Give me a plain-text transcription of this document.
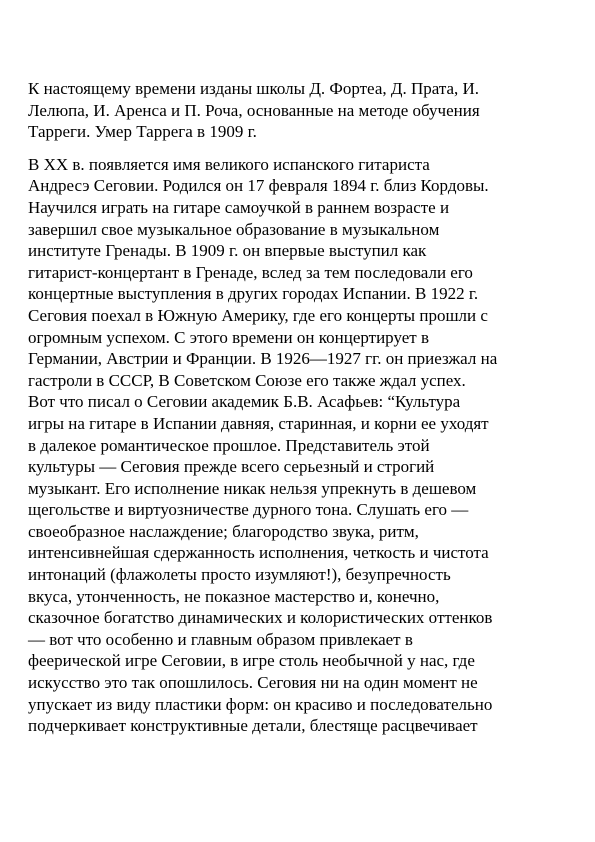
К настоящему времени изданы школы Д. Фортеа, Д. Прата, И.
Лелюпа, И. Аренса и П. Роча, основанные на методе обучения
Тарреги. Умер Таррега в 1909 г.
В XX в. появляется имя великого испанского гитариста
Андресэ Сеговии. Родился он 17 февраля 1894 г. близ Кордовы.
Научился играть на гитаре самоучкой в раннем возрасте и
завершил свое музыкальное образование в музыкальном
институте Гренады. В 1909 г. он впервые выступил как
гитарист-концертант в Гренаде, вслед за тем последовали его
концертные выступления в других городах Испании. В 1922 г.
Сеговия поехал в Южную Америку, где его концерты прошли с
огромным успехом. С этого времени он концертирует в
Германии, Австрии и Франции. В 1926—1927 гг. он приезжал на
гастроли в СССР, В Советском Союзе его также ждал успех.
Вот что писал о Сеговии академик Б.В. Асафьев: “Культура
игры на гитаре в Испании давняя, старинная, и корни ее уходят
в далекое романтическое прошлое. Представитель этой
культуры — Сеговия прежде всего серьезный и строгий
музыкант. Его исполнение никак нельзя упрекнуть в дешевом
щегольстве и виртуозничестве дурного тона. Слушать его —
своеобразное наслаждение; благородство звука, ритм,
интенсивнейшая сдержанность исполнения, четкость и чистота
интонаций (флажолеты просто изумляют!), безупречность
вкуса, утонченность, не показное мастерство и, конечно,
сказочное богатство динамических и колористических оттенков
— вот что особенно и главным образом привлекает в
феерической игре Сеговии, в игре столь необычной у нас, где
искусство это так опошлилось. Сеговия ни на один момент не
упускает из виду пластики форм: он красиво и последовательно
подчеркивает конструктивные детали, блестяще расцвечивает
